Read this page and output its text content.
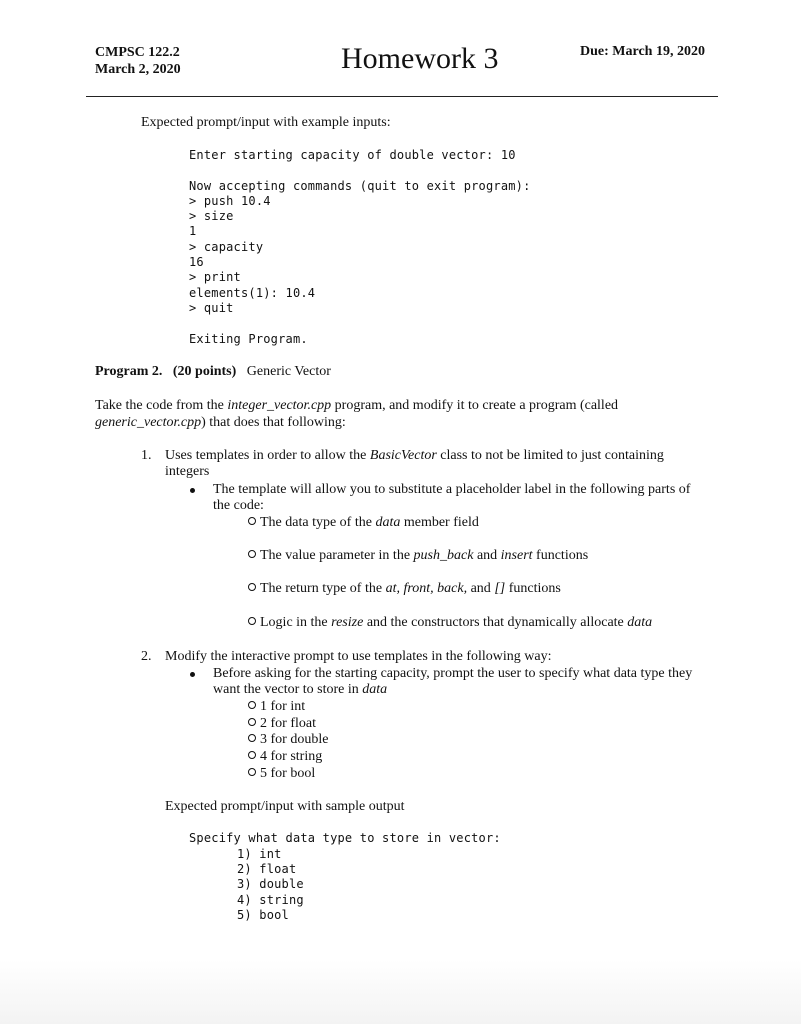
CMPSC 122.2
March 2, 2020	Homework 3	Due: March 19, 2020
Expected prompt/input with example inputs:
Enter starting capacity of double vector: 10
Now accepting commands (quit to exit program):
> push 10.4
> size
1
> capacity
16
> print
elements(1): 10.4
> quit
Exiting Program.
Program 2. (20 points) Generic Vector
Take the code from the integer_vector.cpp program, and modify it to create a program (called
generic_vector.cpp) that does that following:
1. Uses templates in order to allow the BasicVector class to not be limited to just containing
integers
The template will allow you to substitute a placeholder label in the following parts of
the code:
The data type of the data member field
The value parameter in the push_back and insert functions
The return type of the at, front, back, and [] functions
Logic in the resize and the constructors that dynamically allocate data
2. Modify the interactive prompt to use templates in the following way:
Before asking for the starting capacity, prompt the user to specify what data type they
want the vector to store in data
1 for int
2 for float
3 for double
4 for string
5 for bool
Expected prompt/input with sample output
Specify what data type to store in vector:
1) int
2) float
3) double
4) string
5) bool
